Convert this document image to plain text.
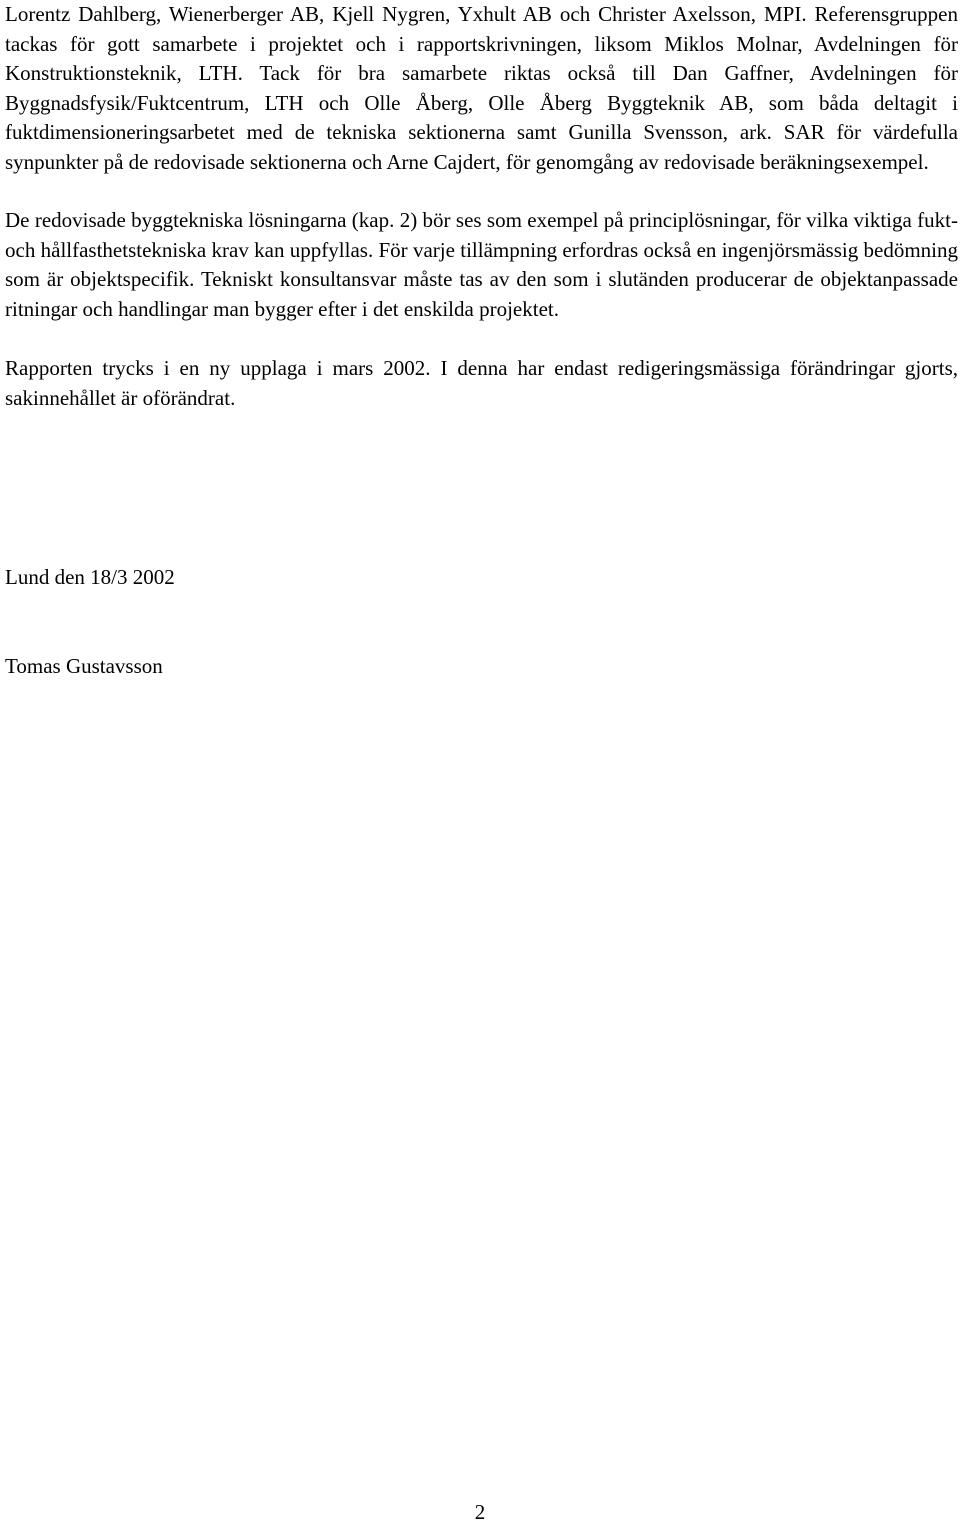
Lorentz Dahlberg, Wienerberger AB, Kjell Nygren, Yxhult AB och Christer Axelsson, MPI. Referensgruppen tackas för gott samarbete i projektet och i rapportskrivningen, liksom Miklos Molnar, Avdelningen för Konstruktionsteknik, LTH. Tack för bra samarbete riktas också till Dan Gaffner, Avdelningen för Byggnadsfysik/Fuktcentrum, LTH och Olle Åberg, Olle Åberg Byggteknik AB, som båda deltagit i fuktdimensioneringsarbetet med de tekniska sektionerna samt Gunilla Svensson, ark. SAR för värdefulla synpunkter på de redovisade sektionerna och Arne Cajdert, för genomgång av redovisade beräkningsexempel.

De redovisade byggtekniska lösningarna (kap. 2) bör ses som exempel på principlösningar, för vilka viktiga fukt- och hållfasthetstekniska krav kan uppfyllas. För varje tillämpning erfordras också en ingenjörsmässig bedömning som är objektspecifik. Tekniskt konsultansvar måste tas av den som i slutänden producerar de objektanpassade ritningar och handlingar man bygger efter i det enskilda projektet.

Rapporten trycks i en ny upplaga i mars 2002. I denna har endast redigeringsmässiga förändringar gjorts, sakinnehållet är oförändrat.

Lund den 18/3 2002

Tomas Gustavsson

2
